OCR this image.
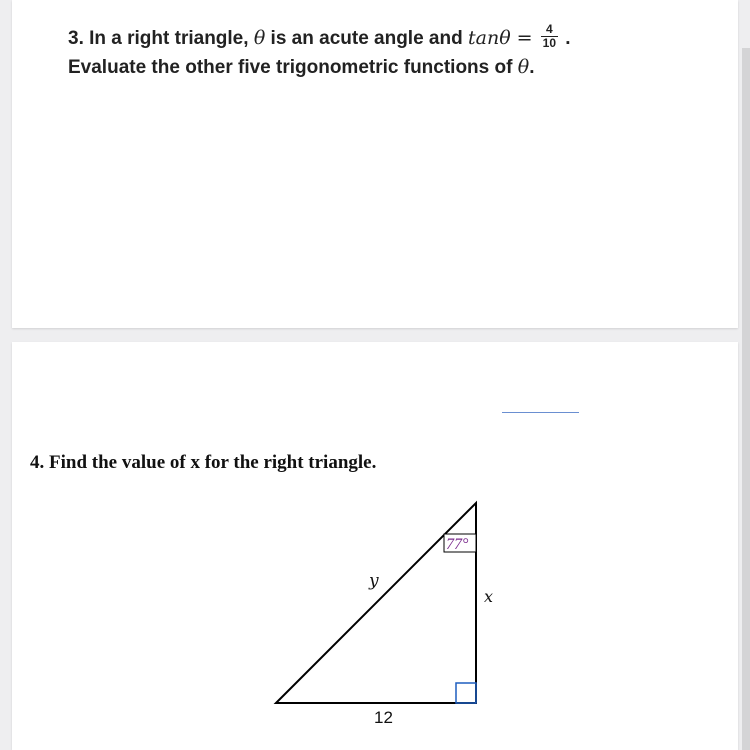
3. In a right triangle, θ is an acute angle and $\tan\theta = \frac{4}{10}$ .
Evaluate the other five trigonometric functions of θ.
4. Find the value of x for the right triangle.
77°
y
x
12
